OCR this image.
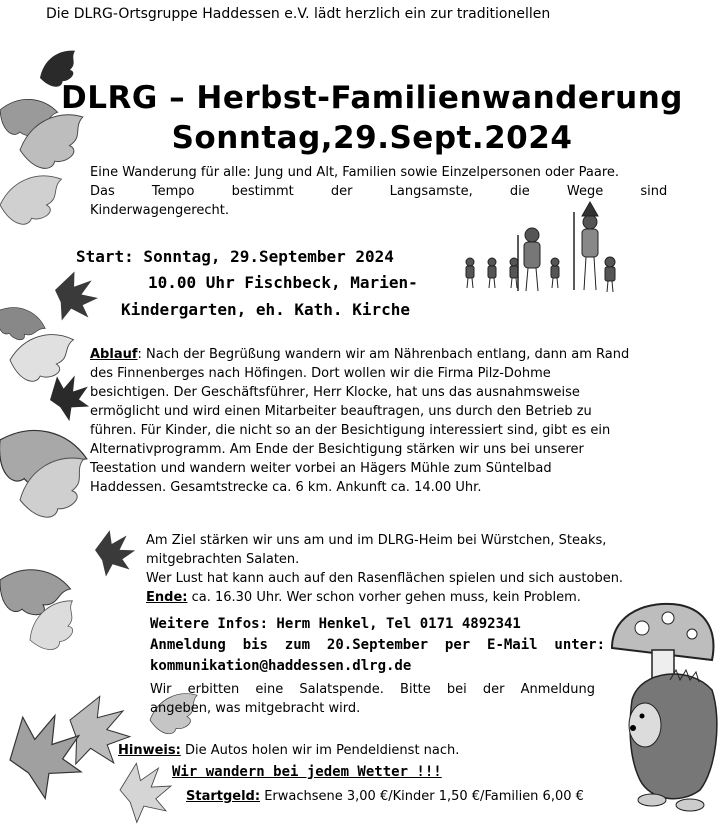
Die DLRG-Ortsgruppe Haddessen e.V. lädt herzlich ein zur traditionellen
DLRG – Herbst-Familienwanderung
Sonntag,29.Sept.2024
Eine Wanderung für alle: Jung und Alt, Familien sowie Einzelpersonen oder Paare.
Das Tempo bestimmt der Langsamste, die Wege sind
Kinderwagengerecht.
Start: Sonntag, 29.September 2024
10.00 Uhr Fischbeck, Marien-
Kindergarten, eh. Kath. Kirche
Ablauf: Nach der Begrüßung wandern wir am Nährenbach entlang, dann am Rand
des Finnenberges nach Höfingen. Dort wollen wir die Firma Pilz-Dohme
besichtigen. Der Geschäftsführer, Herr Klocke, hat uns das ausnahmsweise
ermöglicht und wird einen Mitarbeiter beauftragen, uns durch den Betrieb zu
führen. Für Kinder, die nicht so an der Besichtigung interessiert sind, gibt es ein
Alternativprogramm. Am Ende der Besichtigung stärken wir uns bei unserer
Teestation und wandern weiter vorbei an Hägers Mühle zum Süntelbad
Haddessen. Gesamtstrecke ca. 6 km. Ankunft ca. 14.00 Uhr.
Am Ziel stärken wir uns am und im DLRG-Heim bei Würstchen, Steaks,
mitgebrachten Salaten.
Wer Lust hat kann auch auf den Rasenflächen spielen und sich austoben.
Ende: ca. 16.30 Uhr. Wer schon vorher gehen muss, kein Problem.
Weitere Infos: Herm Henkel, Tel 0171 4892341
Anmeldung bis zum 20.September per E-Mail unter:
kommunikation@haddessen.dlrg.de
Wir erbitten eine Salatspende. Bitte bei der Anmeldung
angeben, was mitgebracht wird.
Hinweis: Die Autos holen wir im Pendeldienst nach.
Wir wandern bei jedem Wetter !!!
Startgeld: Erwachsene 3,00 €/Kinder 1,50 €/Familien 6,00 €
